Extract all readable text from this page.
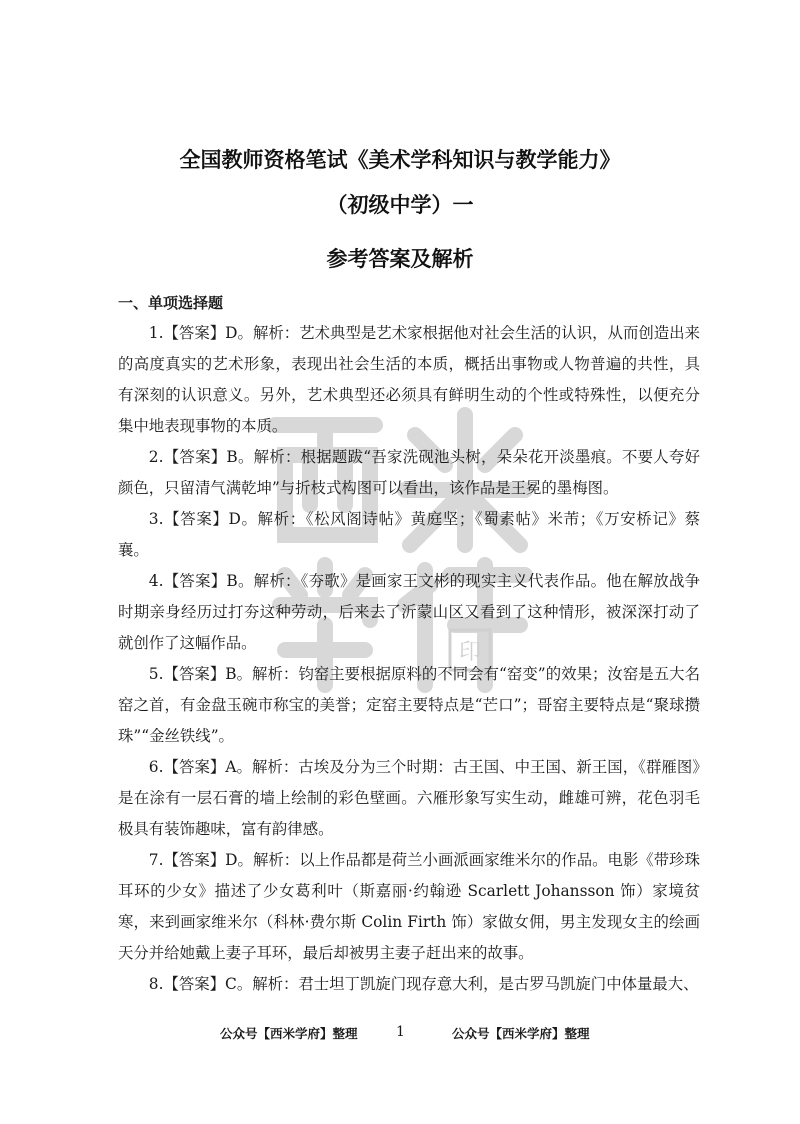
印
全国教师资格笔试《美术学科知识与教学能力》
（初级中学）一
参考答案及解析
一、单项选择题

1.【答案】D。解析：艺术典型是艺术家根据他对社会生活的认识，从而创造出来的高度真实的艺术形象，表现出社会生活的本质，概括出事物或人物普遍的共性，具有深刻的认识意义。另外，艺术典型还必须具有鲜明生动的个性或特殊性，以便充分集中地表现事物的本质。

2.【答案】B。解析：根据题跋“吾家洗砚池头树，朵朵花开淡墨痕。不要人夸好颜色，只留清气满乾坤”与折枝式构图可以看出，该作品是王冕的墨梅图。

3.【答案】D。解析：《松风阁诗帖》黄庭坚；《蜀素帖》米芾；《万安桥记》蔡襄。

4.【答案】B。解析：《夯歌》是画家王文彬的现实主义代表作品。他在解放战争时期亲身经历过打夯这种劳动，后来去了沂蒙山区又看到了这种情形，被深深打动了就创作了这幅作品。

5.【答案】B。解析：钧窑主要根据原料的不同会有“窑变”的效果；汝窑是五大名窑之首，有金盘玉碗市称宝的美誉；定窑主要特点是“芒口”；哥窑主要特点是“聚球攒珠”“金丝铁线”。

6.【答案】A。解析：古埃及分为三个时期：古王国、中王国、新王国，《群雁图》是在涂有一层石膏的墙上绘制的彩色壁画。六雁形象写实生动，雌雄可辨，花色羽毛极具有装饰趣味，富有韵律感。

7.【答案】D。解析：以上作品都是荷兰小画派画家维米尔的作品。电影《带珍珠耳环的少女》描述了少女葛利叶（斯嘉丽·约翰逊 Scarlett Johansson 饰）家境贫寒，来到画家维米尔（科林·费尔斯 Colin Firth 饰）家做女佣，男主发现女主的绘画天分并给她戴上妻子耳环，最后却被男主妻子赶出来的故事。

8.【答案】C。解析：君士坦丁凯旋门现存意大利，是古罗马凯旋门中体量最大、

公众号【西米学府】整理	1	公众号【西米学府】整理
